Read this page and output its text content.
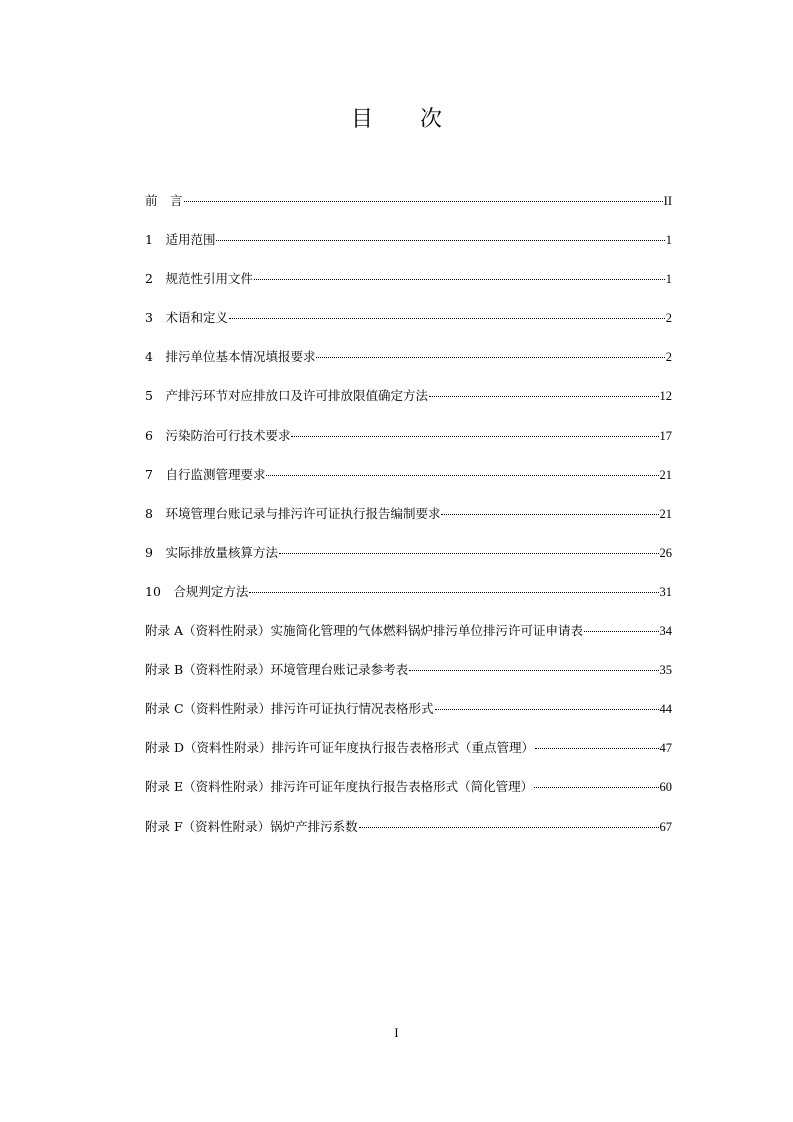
目 次
前　言	II
1　适用范围	1
2　规范性引用文件	1
3　术语和定义	2
4　排污单位基本情况填报要求	2
5　产排污环节对应排放口及许可排放限值确定方法	12
6　污染防治可行技术要求	17
7　自行监测管理要求	21
8　环境管理台账记录与排污许可证执行报告编制要求	21
9　实际排放量核算方法	26
10　合规判定方法	31
附录 A（资料性附录）实施简化管理的气体燃料锅炉排污单位排污许可证申请表	34
附录 B（资料性附录）环境管理台账记录参考表	35
附录 C（资料性附录）排污许可证执行情况表格形式	44
附录 D（资料性附录）排污许可证年度执行报告表格形式（重点管理）	47
附录 E（资料性附录）排污许可证年度执行报告表格形式（简化管理）	60
附录 F（资料性附录）锅炉产排污系数	67
I
